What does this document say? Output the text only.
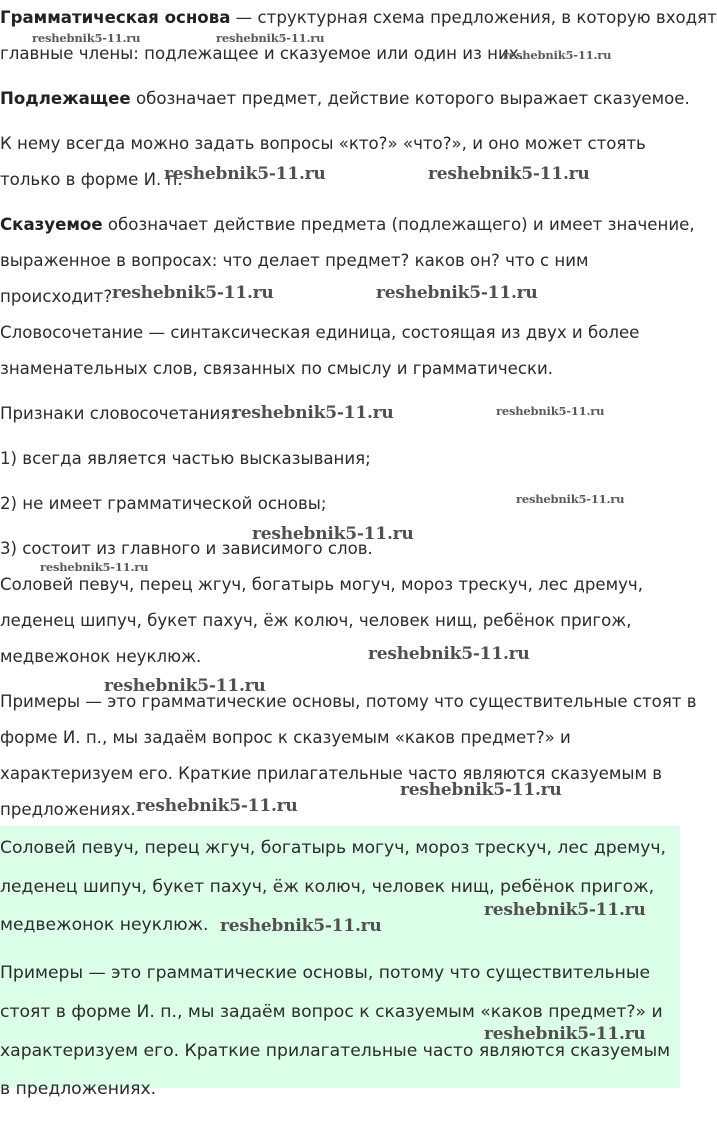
Грамматическая основа — структурная схема предложения, в которую входят
главные члены: подлежащее и сказуемое или один из них.
Подлежащее обозначает предмет, действие которого выражает сказуемое.
К нему всегда можно задать вопросы «кто?» «что?», и оно может стоять
только в форме И. п.
Сказуемое обозначает действие предмета (подлежащего) и имеет значение,
выраженное в вопросах: что делает предмет? каков он? что с ним
происходит?
Словосочетание — синтаксическая единица, состоящая из двух и более
знаменательных слов, связанных по смыслу и грамматически.
Признаки словосочетания:
1) всегда является частью высказывания;
2) не имеет грамматической основы;
3) состоит из главного и зависимого слов.
Соловей певуч, перец жгуч, богатырь могуч, мороз трескуч, лес дремуч,
леденец шипуч, букет пахуч, ёж колюч, человек нищ, ребёнок пригож,
медвежонок неуклюж.
Примеры — это грамматические основы, потому что существительные стоят в
форме И. п., мы задаём вопрос к сказуемым «каков предмет?» и
характеризуем его. Краткие прилагательные часто являются сказуемым в
предложениях.
Соловей певуч, перец жгуч, богатырь могуч, мороз трескуч, лес дремуч,
леденец шипуч, букет пахуч, ёж колюч, человек нищ, ребёнок пригож,
медвежонок неуклюж.
Примеры — это грамматические основы, потому что существительные
стоят в форме И. п., мы задаём вопрос к сказуемым «каков предмет?» и
характеризуем его. Краткие прилагательные часто являются сказуемым
в предложениях.
reshebnik5-11.ru	reshebnik5-11.ru
reshebnik5-11.ru
reshebnik5-11.ru	reshebnik5-11.ru
reshebnik5-11.ru	reshebnik5-11.ru
reshebnik5-11.ru	reshebnik5-11.ru
reshebnik5-11.ru
reshebnik5-11.ru
reshebnik5-11.ru
reshebnik5-11.ru
reshebnik5-11.ru
reshebnik5-11.ru
reshebnik5-11.ru
reshebnik5-11.ru
reshebnik5-11.ru
reshebnik5-11.ru
